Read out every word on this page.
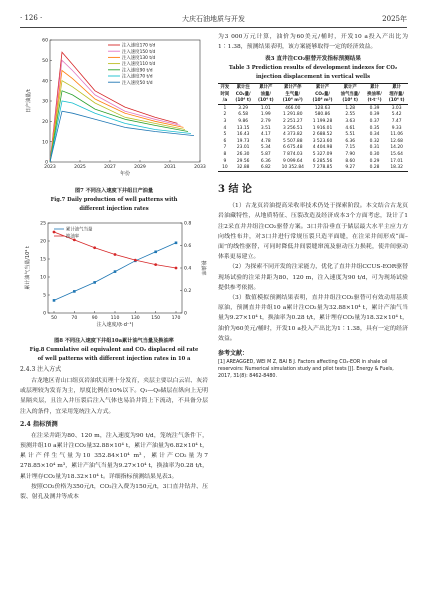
· 126 ·	大庆石油地质与开发	2025年
0
10
20
30
40
50
60
2023	2025	2027	2029	2031	2033
年份
日产油量/t
注入速度170 t/d
注入速度150 t/d
注入速度130 t/d
注入速度110 t/d
注入速度90 t/d
注入速度70 t/d
注入速度50 t/d
图7 不同注入速度下井组日产油量
Fig.7 Daily production of well patterns with
different injection rates
0
5
10
15
20
25
0
0.2
0.4
0.6
0.8
50	70	90	110	130	150	170
注入速度/(t·d⁻¹)
累计油气当量/10⁴ t	换油率
累计油气当量
换油率
图8 不同注入速度下井组10a累计油气当量及换油率
Fig.8 Cumulative oil equivalent and CO₂ displaced oil rate
of well patterns with different injection rates in 10 a
2.4.3 注入方式

古龙地区青山口组页岩油状页理十分发育，夹层主要以白云岩、灰岩或层理较为发育为主，厚度比例在10%以下。Q₁—Q₉储层在纵向上无明显隔夹层，且注入井压裂后注入气体也易沿井筒上下流动，不具备分层注入的条件，宜采用笼统注入方式。

2.4 指标预测

在注采井距为80、120 m，注入速度为90 t/d，笼统注气条件下，预测井组10 a累计注CO₂量32.88×10⁴ t，累计产油量为6.82×10⁴ t，累计产伴生气量为10 352.84×10⁴ m³，累计产CO₂量为7 278.85×10⁴ m³，累计产油气当量为9.27×10⁴ t，换油率为0.28 t/t，累计埋存CO₂量为18.32×10⁴ t。详细指标预测结果见表3。

按照CO₂价格为350元/t，CO₂注入费为150元/t，3口直井钻井、压裂、射孔及测井等成本

为3 000万元计算，油价为60美元/桶时，开发10 a投入产出比为1∶1.38，预测结果表明，该方案能够取得一定的经济效益。

表3 直井注CO₂驱替开发指标预测结果
Table 3 Prediction results of development indexes for CO₂
injection displacement in vertical wells
开发	累计注	累计产	累计产伴	累计产	累计产	累计	累计
时间	CO₂量/	油量/	生气量/	CO₂量/	油气当量/	换油率/	埋存量/
/a	(10⁴ t)	(10⁴ t)	(10⁴ m³)	(10⁴ m³)	(10⁴ t)	(t·t⁻¹)	(10⁴ t)
1	3.29	1.01	466.00	128.63	1.28	0.39	3.03
2	6.58	1.99	1 291.80	580.86	2.55	0.39	5.42
3	9.86	2.79	2 251.27	1 199.28	3.63	0.37	7.47
4	13.15	3.51	3 256.51	1 916.01	4.61	0.35	9.33
5	16.43	4.17	4 373.82	2 688.52	5.51	0.34	11.06
6	19.73	4.78	5 507.88	3 523.60	6.36	0.32	12.68
7	23.01	5.34	6 675.48	4 404.98	7.15	0.31	14.20
8	26.30	5.87	7 874.03	5 327.09	7.90	0.30	15.64
9	29.56	6.36	9 099.64	6 285.56	8.60	0.29	17.01
10	32.88	6.82	10 352.84	7 278.85	9.27	0.28	18.32
3 结 论

（1）古龙页岩油提高采收率技术仍处于探索阶段。本文结合古龙页岩油藏特性，从地质特征、压裂改造及经济成本3个方面考虑，设计了1注2采直井井组注CO₂驱替方案。3口井沿垂直于储层最大水平主应力方向线性布井，对3口井进行常规压裂只造平面缝，在注采井间形成“面–面”的线性驱替，可同时降低井间裂缝窜流及驱动压力损耗，使井间驱动体系更易建立。

（2）为探索不同开发的注采能力，优化了直井井组CCUS-EOR驱替现场试验的注采井距为80、120 m，注入速度为90 t/d，可为现场试验提供参考依据。

（3）数值模拟预测结果表明，直井井组注CO₂驱替可有效动用基质原油，预测直井井组10 a累计注CO₂量为32.88×10⁴ t，累计产油气当量为9.27×10⁴ t，换油率为0.28 t/t，累计埋存CO₂量为18.32×10⁴ t，油价为60美元/桶时，开发10 a投入产出比为1∶1.38，具有一定的经济效益。

参考文献：
[1] AREAGGED, WEI M Z, BAI B J. Factors affecting CO₂-EOR in shale oil reservoirs: Numerical simulation study and pilot tests [J]. Energy & Fuels, 2017, 31(8): 8462-8480.
